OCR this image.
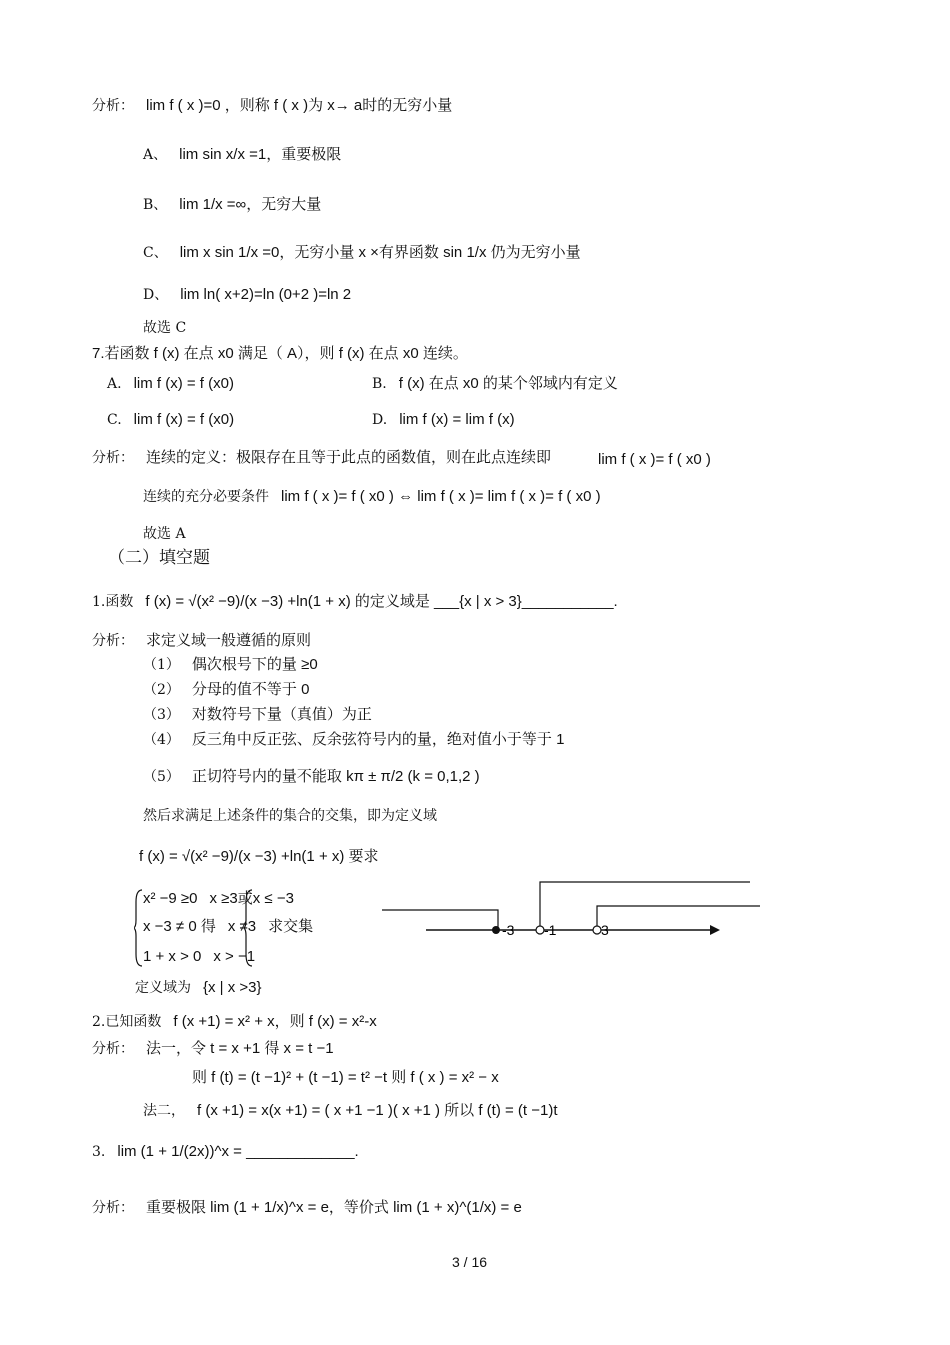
分析： lim f ( x )=0 ，则称 f ( x )为 x→ a时的无穷小量
A、 lim sin x/x =1，重要极限
B、 lim 1/x =∞，无穷大量
C、 lim x sin 1/x =0，无穷小量 x ×有界函数 sin 1/x 仍为无穷小量
D、 lim ln( x+2)=ln (0+2 )=ln 2
故选 C
7.若函数 f (x) 在点 x0 满足（ A），则 f (x) 在点 x0 连续。
A. lim f (x) = f (x0)	B. f (x) 在点 x0 的某个邻域内有定义
C. lim f (x) = f (x0)	D. lim f (x) = lim f (x)
分析： 连续的定义：极限存在且等于此点的函数值，则在此点连续即	lim f ( x )= f ( x0 )
连续的充分必要条件 lim f ( x )= f ( x0 ) ⇔ lim f ( x )= lim f ( x )= f ( x0 )
故选 A
（二）填空题
1.函数 f (x) = √(x² −9)/(x −3) +ln(1 + x) 的定义域是 ___{x | x > 3}___________.
分析： 求定义域一般遵循的原则
（1） 偶次根号下的量 ≥0
（2） 分母的值不等于 0
（3） 对数符号下量（真值）为正
（4） 反三角中反正弦、反余弦符号内的量，绝对值小于等于 1
（5） 正切符号内的量不能取 kπ ± π/2 (k = 0,1,2 )
然后求满足上述条件的集合的交集，即为定义域
f (x) = √(x² −9)/(x −3) +ln(1 + x) 要求
x² −9 ≥0 x ≥3或x ≤ −3
x −3 ≠ 0 得 x ≠3 求交集
1 + x > 0 x > −1
定义域为 {x | x >3}
2.已知函数 f (x +1) = x² + x，则 f (x) = x²-x
分析： 法一，令 t = x +1 得 x = t −1
则 f (t) = (t −1)² + (t −1) = t² −t 则 f ( x ) = x² − x
法二， f (x +1) = x(x +1) = ( x +1 −1 )( x +1 ) 所以 f (t) = (t −1)t
3. lim (1 + 1/(2x))^x = _____________.
分析： 重要极限 lim (1 + 1/x)^x = e，等价式 lim (1 + x)^(1/x) = e
-3 -1	3
3 / 16
